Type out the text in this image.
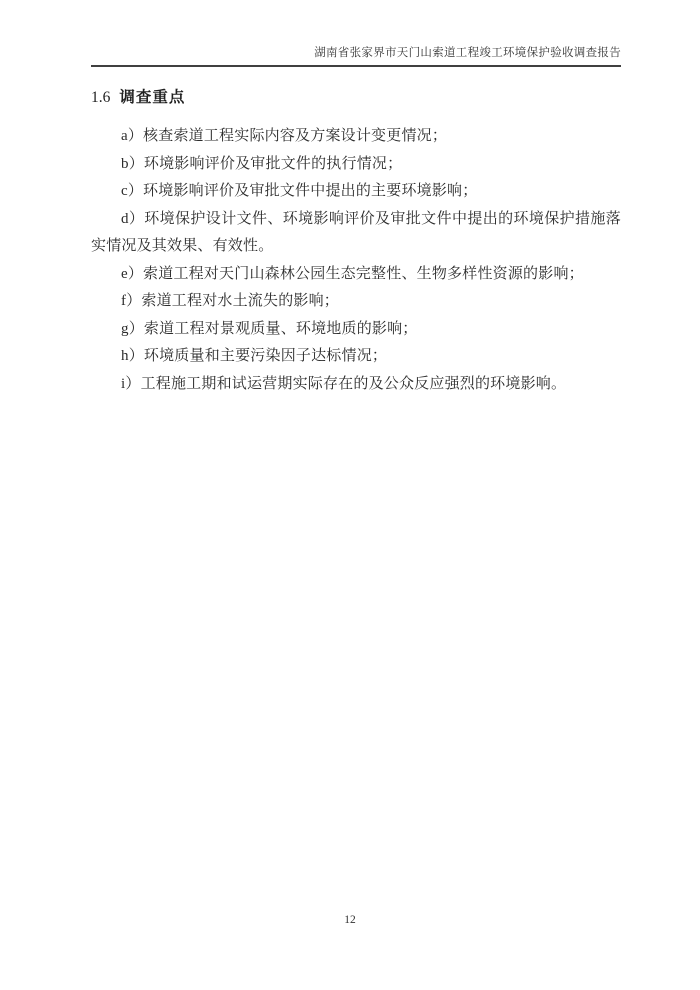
湖南省张家界市天门山索道工程竣工环境保护验收调查报告
1.6 调查重点

a）核查索道工程实际内容及方案设计变更情况；

b）环境影响评价及审批文件的执行情况；

c）环境影响评价及审批文件中提出的主要环境影响；

d）环境保护设计文件、环境影响评价及审批文件中提出的环境保护措施落实情况及其效果、有效性。

e）索道工程对天门山森林公园生态完整性、生物多样性资源的影响；

f）索道工程对水土流失的影响；

g）索道工程对景观质量、环境地质的影响；

h）环境质量和主要污染因子达标情况；

i）工程施工期和试运营期实际存在的及公众反应强烈的环境影响。

12
